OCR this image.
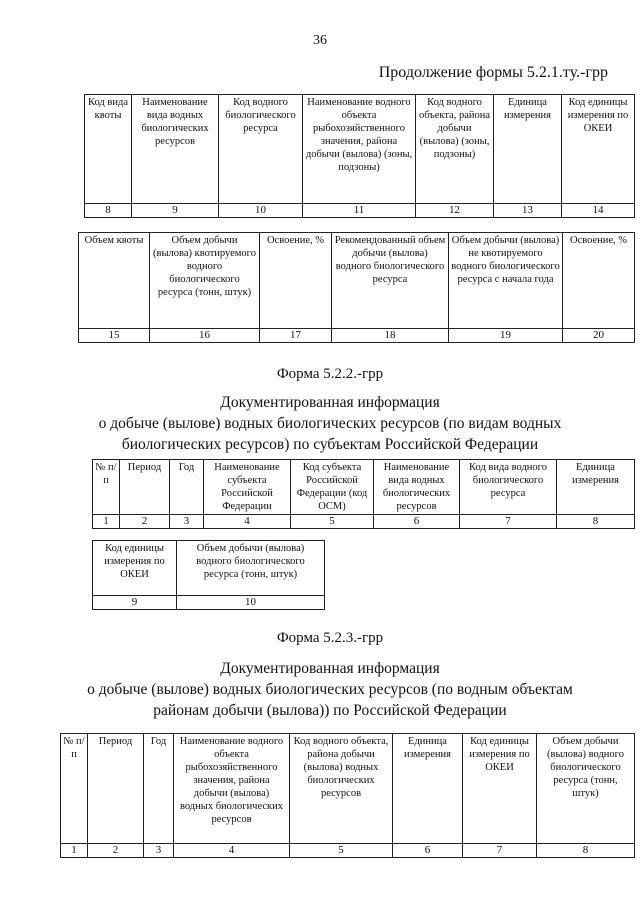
36
Продолжение формы 5.2.1.ту.-грр
Код вида квоты	Наименование вида водных биологических ресурсов	Код водного биологического ресурса	Наименование водного объекта рыбохозяйственного значения, района добычи (вылова) (зоны, подзоны)	Код водного объекта, района добычи (вылова) (зоны, подзоны)	Единица измерения	Код единицы измерения по ОКЕИ
8	9	10	11	12	13	14
Объем квоты	Объем добычи (вылова) квотируемого водного биологического ресурса (тонн, штук)	Освоение, %	Рекомендованный объем добычи (вылова) водного биологического ресурса	Объем добычи (вылова) не квотируемого водного биологического ресурса с начала года	Освоение, %
15	16	17	18	19	20
Форма 5.2.2.-грр
Документированная информация
о добыче (вылове) водных биологических ресурсов (по видам водных
биологических ресурсов) по субъектам Российской Федерации
№ п/п	Период	Год	Наименование субъекта Российской Федерации	Код субъекта Российской Федерации (код ОСМ)	Наименование вида водных биологических ресурсов	Код вида водного биологического ресурса	Единица измерения
1	2	3	4	5	6	7	8
Код единицы измерения по ОКЕИ	Объем добычи (вылова) водного биологического ресурса (тонн, штук)
9	10
Форма 5.2.3.-грр
Документированная информация
о добыче (вылове) водных биологических ресурсов (по водным объектам
районам добычи (вылова)) по Российской Федерации
№ п/п	Период	Год	Наименование водного объекта рыбохозяйственного значения, района добычи (вылова) водных биологических ресурсов	Код водного объекта, района добычи (вылова) водных биологических ресурсов	Единица измерения	Код единицы измерения по ОКЕИ	Объем добычи (вылова) водного биологического ресурса (тонн, штук)
1	2	3	4	5	6	7	8
